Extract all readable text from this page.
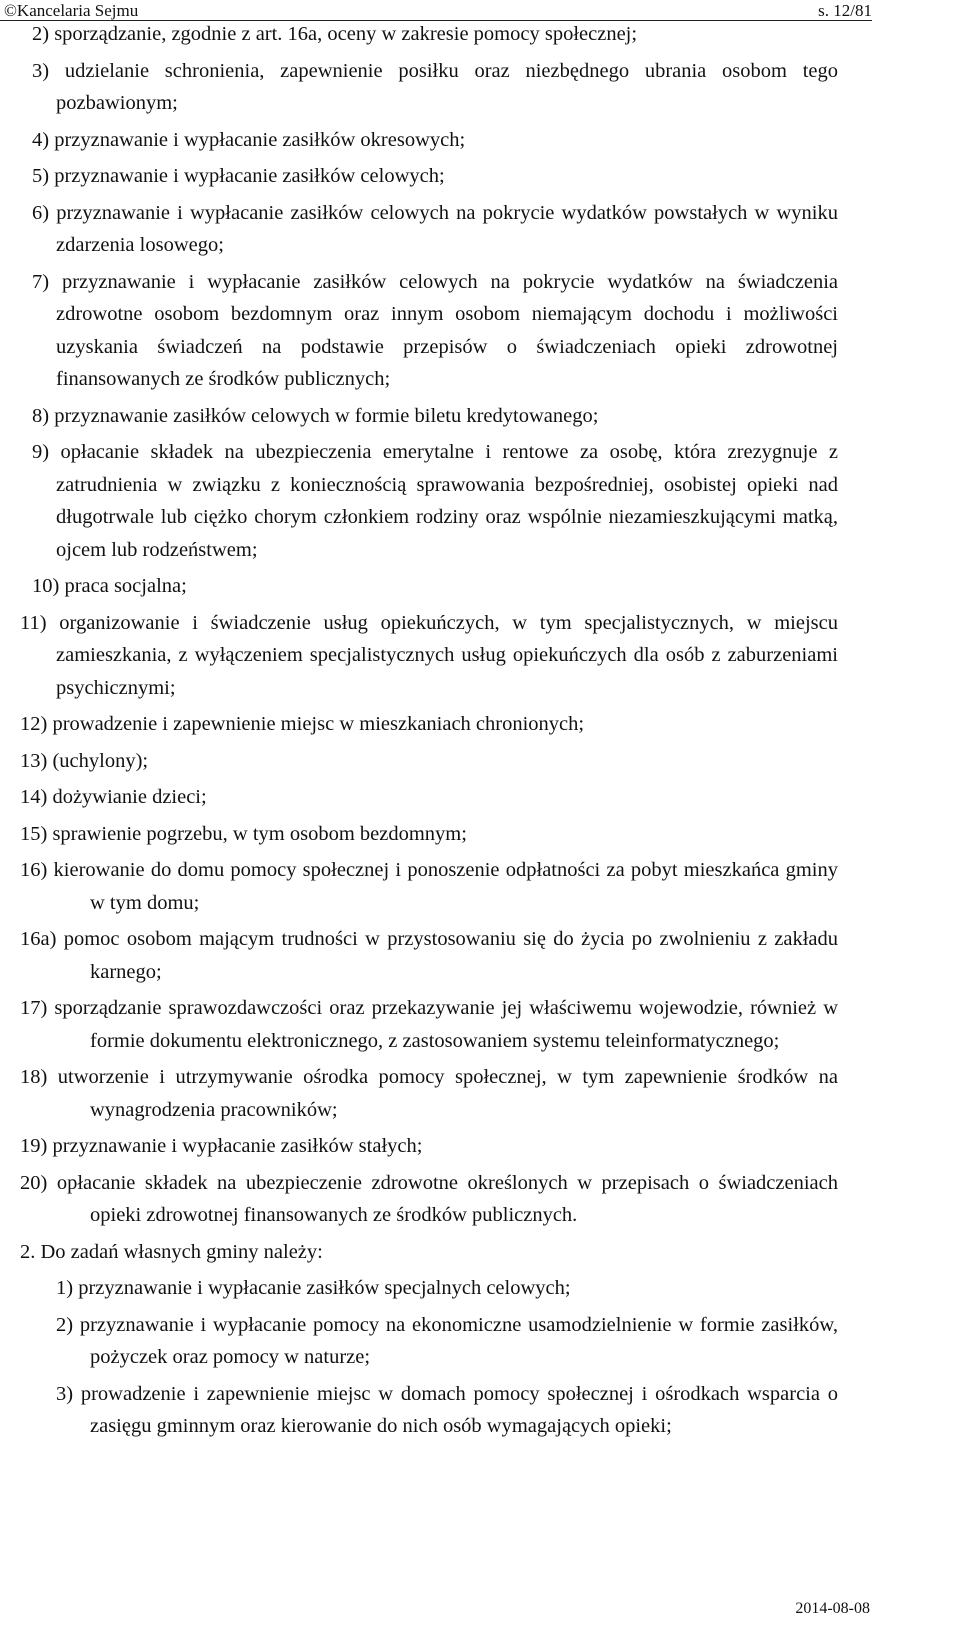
©Kancelaria Sejmu	s. 12/81
2) sporządzanie, zgodnie z art. 16a, oceny w zakresie pomocy społecznej;
3) udzielanie schronienia, zapewnienie posiłku oraz niezbędnego ubrania osobom tego pozbawionym;
4) przyznawanie i wypłacanie zasiłków okresowych;
5) przyznawanie i wypłacanie zasiłków celowych;
6) przyznawanie i wypłacanie zasiłków celowych na pokrycie wydatków powstałych w wyniku zdarzenia losowego;
7) przyznawanie i wypłacanie zasiłków celowych na pokrycie wydatków na świadczenia zdrowotne osobom bezdomnym oraz innym osobom niemającym dochodu i możliwości uzyskania świadczeń na podstawie przepisów o świadczeniach opieki zdrowotnej finansowanych ze środków publicznych;
8) przyznawanie zasiłków celowych w formie biletu kredytowanego;
9) opłacanie składek na ubezpieczenia emerytalne i rentowe za osobę, która zrezygnuje z zatrudnienia w związku z koniecznością sprawowania bezpośredniej, osobistej opieki nad długotrwale lub ciężko chorym członkiem rodziny oraz wspólnie niezamieszkującymi matką, ojcem lub rodzeństwem;
10) praca socjalna;
11) organizowanie i świadczenie usług opiekuńczych, w tym specjalistycznych, w miejscu zamieszkania, z wyłączeniem specjalistycznych usług opiekuńczych dla osób z zaburzeniami psychicznymi;
12) prowadzenie i zapewnienie miejsc w mieszkaniach chronionych;
13) (uchylony);
14) dożywianie dzieci;
15) sprawienie pogrzebu, w tym osobom bezdomnym;
16) kierowanie do domu pomocy społecznej i ponoszenie odpłatności za pobyt mieszkańca gminy w tym domu;
16a) pomoc osobom mającym trudności w przystosowaniu się do życia po zwolnieniu z zakładu karnego;
17) sporządzanie sprawozdawczości oraz przekazywanie jej właściwemu wojewodzie, również w formie dokumentu elektronicznego, z zastosowaniem systemu teleinformatycznego;
18) utworzenie i utrzymywanie ośrodka pomocy społecznej, w tym zapewnienie środków na wynagrodzenia pracowników;
19) przyznawanie i wypłacanie zasiłków stałych;
20) opłacanie składek na ubezpieczenie zdrowotne określonych w przepisach o świadczeniach opieki zdrowotnej finansowanych ze środków publicznych.
2. Do zadań własnych gminy należy:
1) przyznawanie i wypłacanie zasiłków specjalnych celowych;
2) przyznawanie i wypłacanie pomocy na ekonomiczne usamodzielnienie w formie zasiłków, pożyczek oraz pomocy w naturze;
3) prowadzenie i zapewnienie miejsc w domach pomocy społecznej i ośrodkach wsparcia o zasięgu gminnym oraz kierowanie do nich osób wymagających opieki;
2014-08-08
